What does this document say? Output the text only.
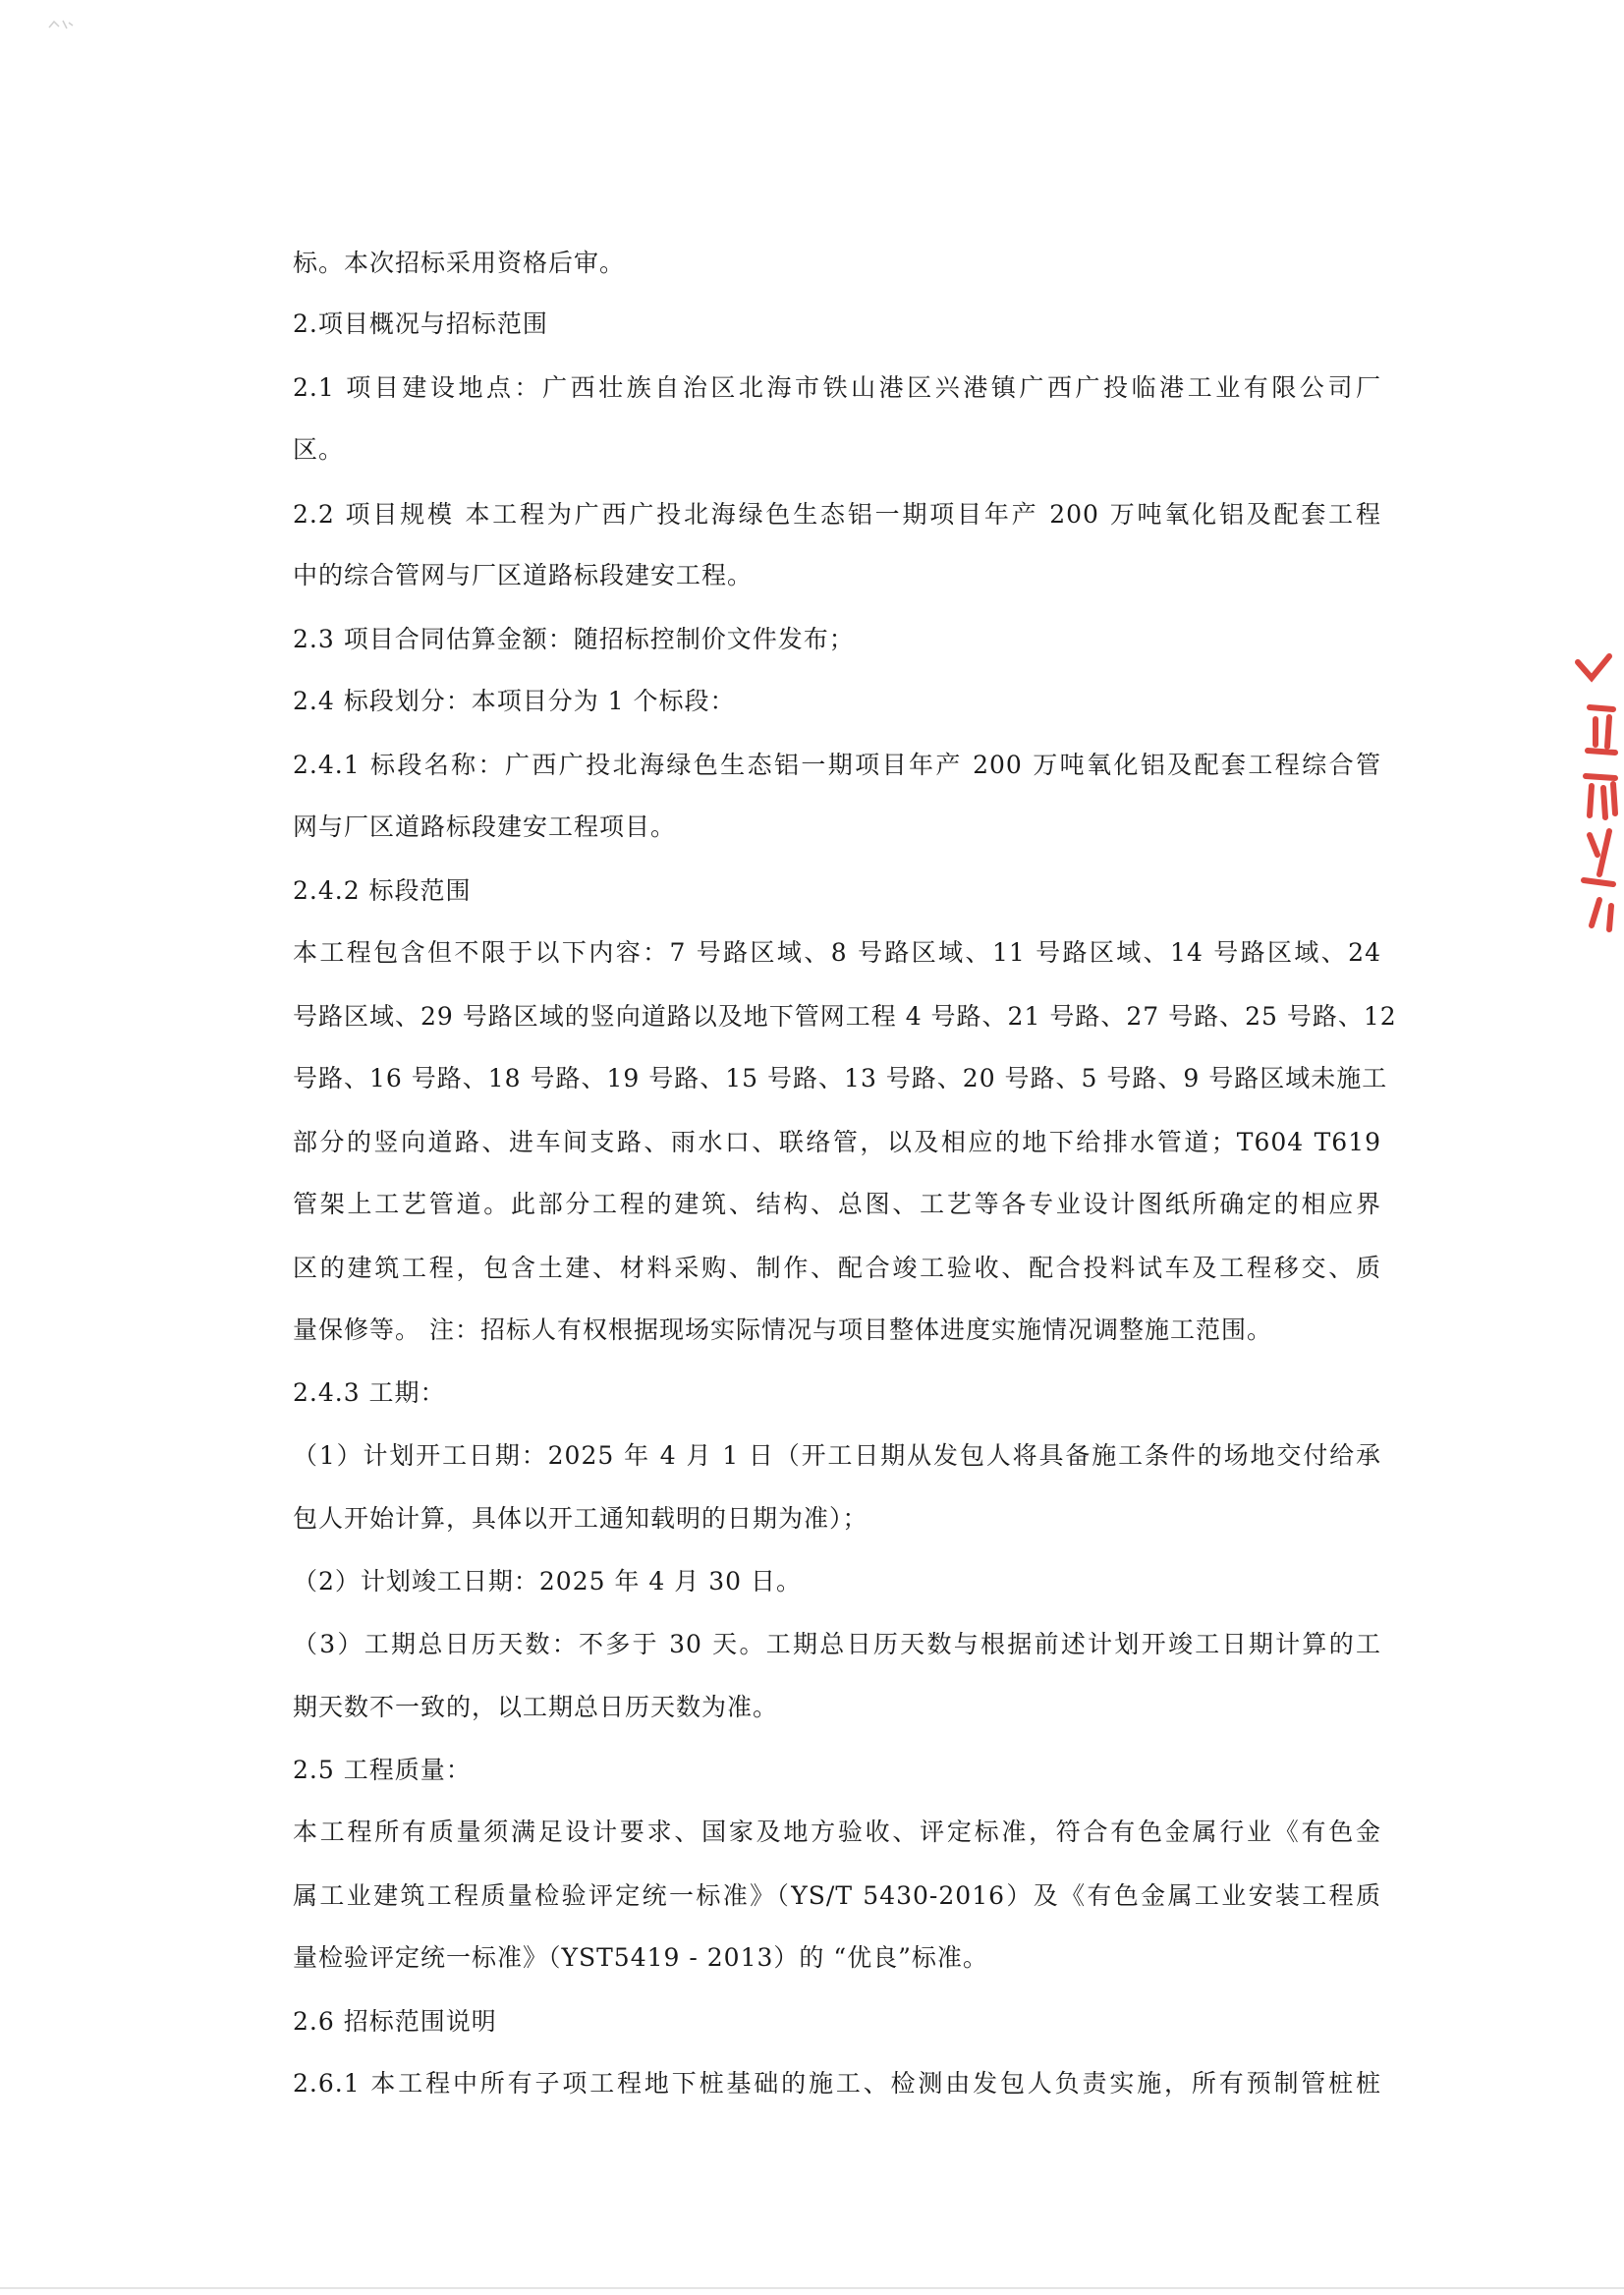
标。本次招标采用资格后审。
2.项目概况与招标范围
2.1 项目建设地点：广西壮族自治区北海市铁山港区兴港镇广西广投临港工业有限公司厂
区。
2.2 项目规模 本工程为广西广投北海绿色生态铝一期项目年产 200 万吨氧化铝及配套工程
中的综合管网与厂区道路标段建安工程。
2.3 项目合同估算金额：随招标控制价文件发布；
2.4 标段划分：本项目分为 1 个标段：
2.4.1 标段名称：广西广投北海绿色生态铝一期项目年产 200 万吨氧化铝及配套工程综合管
网与厂区道路标段建安工程项目。
2.4.2 标段范围
本工程包含但不限于以下内容：7 号路区域、8 号路区域、11 号路区域、14 号路区域、24
号路区域、29 号路区域的竖向道路以及地下管网工程 4 号路、21 号路、27 号路、25 号路、12
号路、16 号路、18 号路、19 号路、15 号路、13 号路、20 号路、5 号路、9 号路区域未施工
部分的竖向道路、进车间支路、雨水口、联络管，以及相应的地下给排水管道；T604 T619
管架上工艺管道。此部分工程的建筑、结构、总图、工艺等各专业设计图纸所确定的相应界
区的建筑工程，包含土建、材料采购、制作、配合竣工验收、配合投料试车及工程移交、质
量保修等。 注：招标人有权根据现场实际情况与项目整体进度实施情况调整施工范围。
2.4.3 工期：
（1）计划开工日期：2025 年 4 月 1 日（开工日期从发包人将具备施工条件的场地交付给承
包人开始计算，具体以开工通知载明的日期为准）；
（2）计划竣工日期：2025 年 4 月 30 日。
（3）工期总日历天数：不多于 30 天。工期总日历天数与根据前述计划开竣工日期计算的工
期天数不一致的，以工期总日历天数为准。
2.5 工程质量：
本工程所有质量须满足设计要求、国家及地方验收、评定标准，符合有色金属行业《有色金
属工业建筑工程质量检验评定统一标准》（YS/T 5430-2016）及《有色金属工业安装工程质
量检验评定统一标准》（YST5419 - 2013）的 “优良”标准。
2.6 招标范围说明
2.6.1 本工程中所有子项工程地下桩基础的施工、检测由发包人负责实施，所有预制管桩桩
